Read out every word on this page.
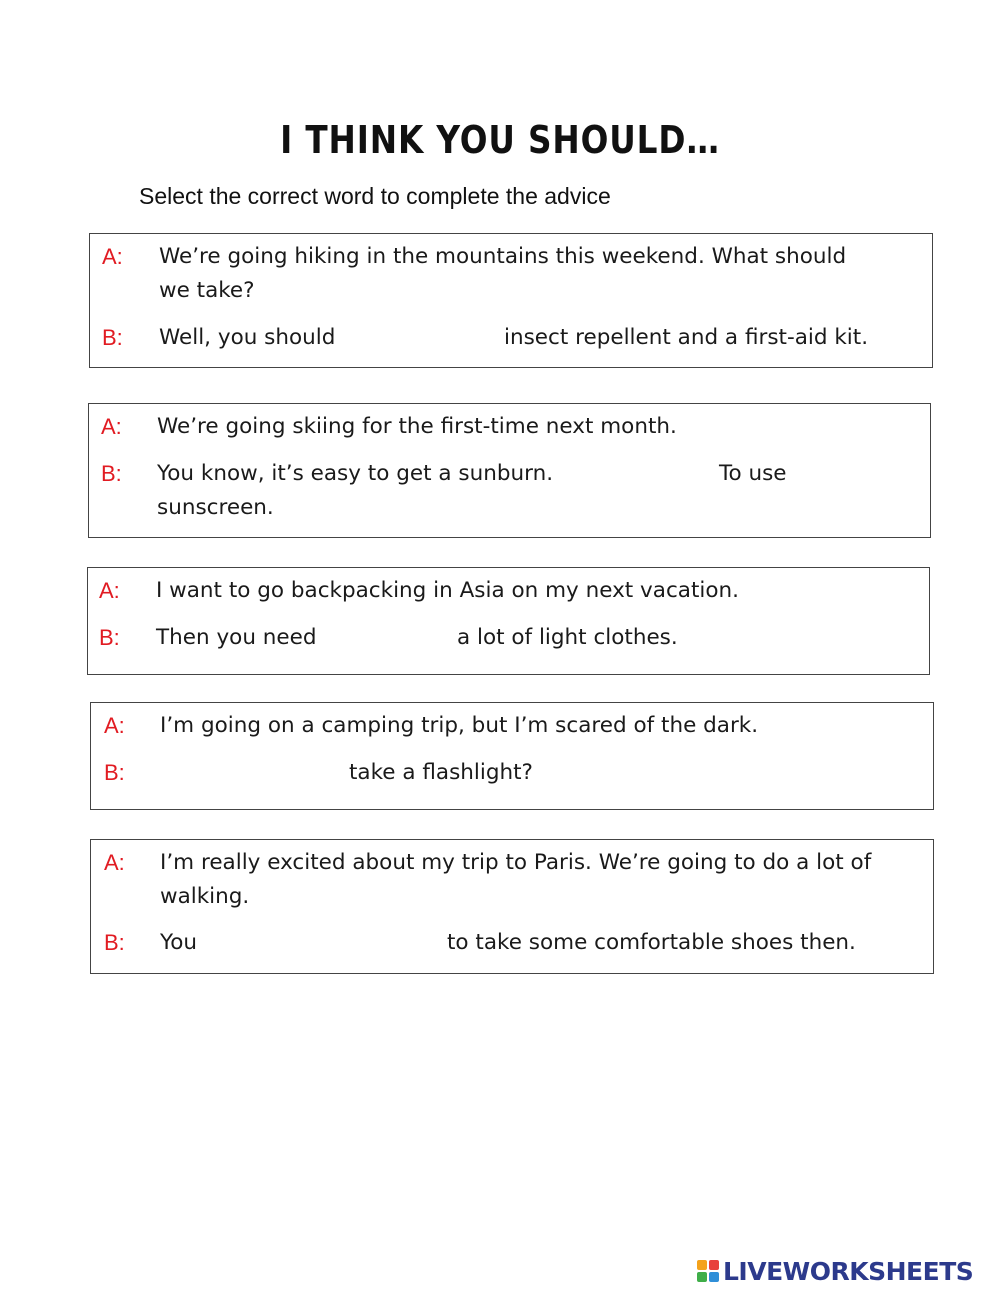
I THINK YOU SHOULD…
Select the correct word to complete the advice
A: We’re going hiking in the mountains this weekend. What should
we take?
B: Well, you should	insect repellent and a first-aid kit.
A: We’re going skiing for the first-time next month.
B: You know, it’s easy to get a sunburn.	To use
sunscreen.
A: I want to go backpacking in Asia on my next vacation.
B: Then you need	a lot of light clothes.
A: I’m going on a camping trip, but I’m scared of the dark.
B:	take a flashlight?
A: I’m really excited about my trip to Paris. We’re going to do a lot of
walking.
B: You	to take some comfortable shoes then.
LIVEWORKSHEETS
